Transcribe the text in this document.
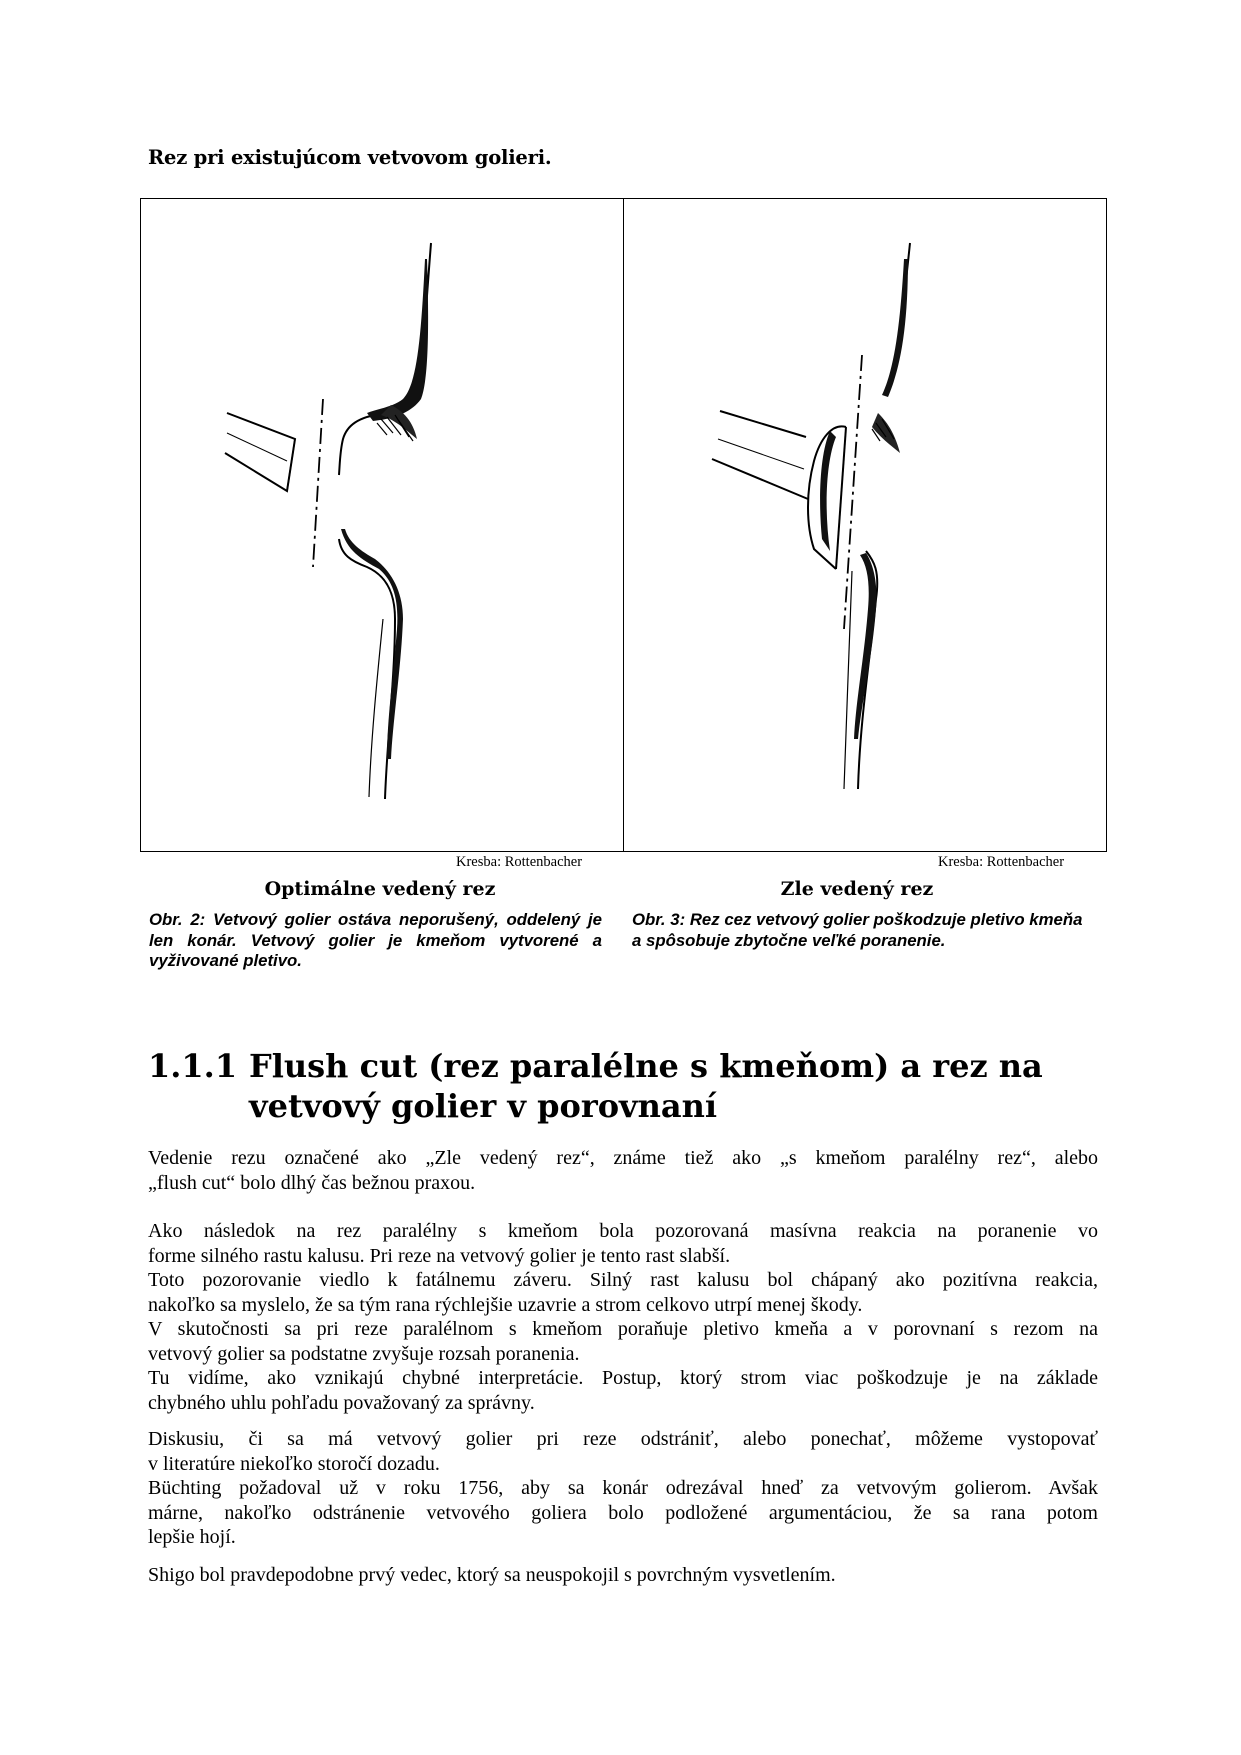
Rez pri existujúcom vetvovom golieri.
Kresba: Rottenbacher	Kresba: Rottenbacher
Optimálne vedený rez	Zle vedený rez
Obr. 2: Vetvový golier ostáva neporušený, oddelený je len konár. Vetvový golier je kmeňom vytvorené a vyživované pletivo.
Obr. 3: Rez cez vetvový golier poškodzuje pletivo kmeňa a spôsobuje zbytočne veľké poranenie.
1.1.1 Flush cut (rez paralélne s kmeňom) a rez na
vetvový golier v porovnaní
Vedenie rezu označené ako „Zle vedený rez“, známe tiež ako „s kmeňom paralélny rez“, alebo
„flush cut“ bolo dlhý čas bežnou praxou.
Ako následok na rez paralélny s kmeňom bola pozorovaná masívna reakcia na poranenie vo
forme silného rastu kalusu. Pri reze na vetvový golier je tento rast slabší.
Toto pozorovanie viedlo k fatálnemu záveru. Silný rast kalusu bol chápaný ako pozitívna reakcia,
nakoľko sa myslelo, že sa tým rana rýchlejšie uzavrie a strom celkovo utrpí menej škody.
V skutočnosti sa pri reze paralélnom s kmeňom poraňuje pletivo kmeňa a v porovnaní s rezom na
vetvový golier sa podstatne zvyšuje rozsah poranenia.
Tu vidíme, ako vznikajú chybné interpretácie. Postup, ktorý strom viac poškodzuje je na základe
chybného uhlu pohľadu považovaný za správny.
Diskusiu, či sa má vetvový golier pri reze odstrániť, alebo ponechať, môžeme vystopovať
v literatúre niekoľko storočí dozadu.
Büchting požadoval už v roku 1756, aby sa konár odrezával hneď za vetvovým golierom. Avšak
márne, nakoľko odstránenie vetvového goliera bolo podložené argumentáciou, že sa rana potom
lepšie hojí.
Shigo bol pravdepodobne prvý vedec, ktorý sa neuspokojil s povrchným vysvetlením.
